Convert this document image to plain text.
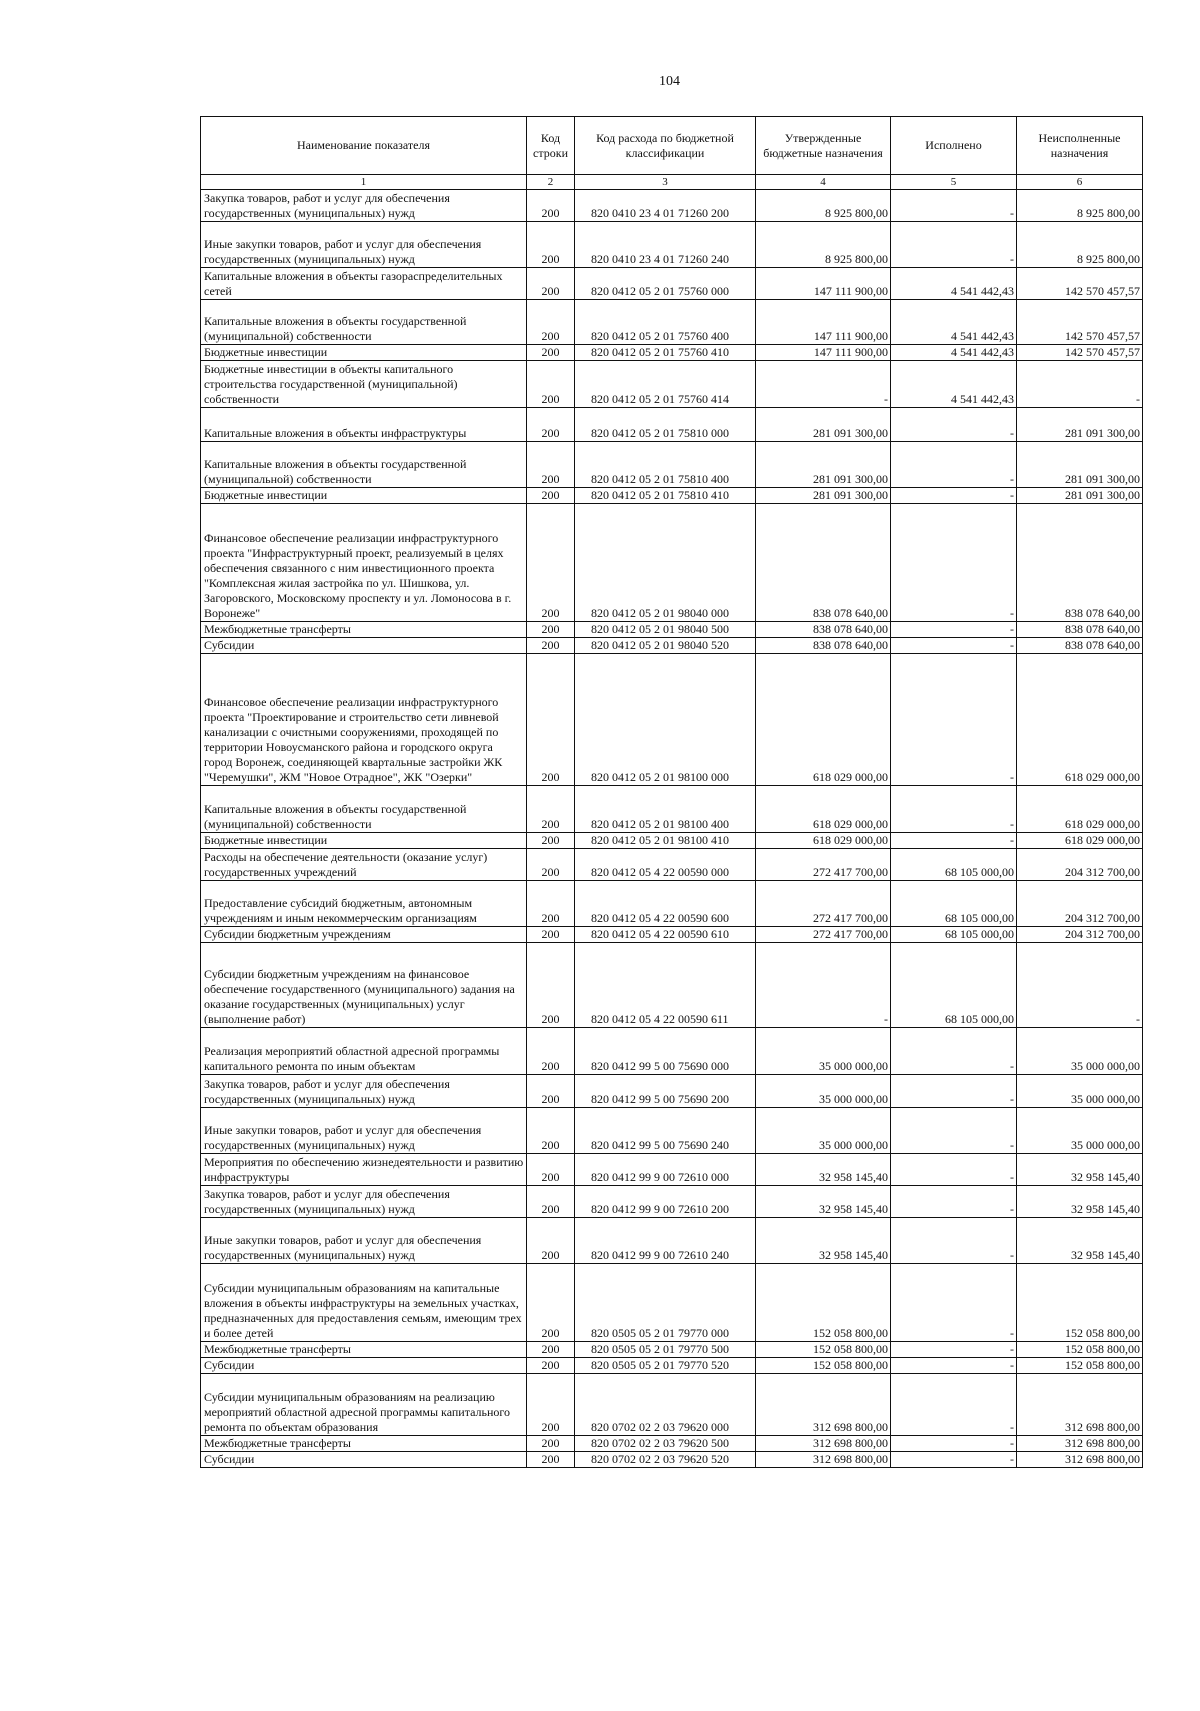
104
Наименование показателя	Код строки	Код расхода по бюджетной классификации	Утвержденные бюджетные назначения	Исполнено	Неисполненные назначения
1	2	3	4	5	6
Закупка товаров, работ и услуг для обеспечения государственных (муниципальных) нужд	200	820 0410 23 4 01 71260 200	8 925 800,00	-	8 925 800,00
Иные закупки товаров, работ и услуг для обеспечения государственных (муниципальных) нужд	200	820 0410 23 4 01 71260 240	8 925 800,00	-	8 925 800,00
Капитальные вложения в объекты газораспределительных сетей	200	820 0412 05 2 01 75760 000	147 111 900,00	4 541 442,43	142 570 457,57
Капитальные вложения в объекты государственной (муниципальной) собственности	200	820 0412 05 2 01 75760 400	147 111 900,00	4 541 442,43	142 570 457,57
Бюджетные инвестиции	200	820 0412 05 2 01 75760 410	147 111 900,00	4 541 442,43	142 570 457,57
Бюджетные инвестиции в объекты капитального строительства государственной (муниципальной) собственности	200	820 0412 05 2 01 75760 414	-	4 541 442,43	-
Капитальные вложения в объекты инфраструктуры	200	820 0412 05 2 01 75810 000	281 091 300,00	-	281 091 300,00
Капитальные вложения в объекты государственной (муниципальной) собственности	200	820 0412 05 2 01 75810 400	281 091 300,00	-	281 091 300,00
Бюджетные инвестиции	200	820 0412 05 2 01 75810 410	281 091 300,00	-	281 091 300,00
Финансовое обеспечение реализации инфраструктурного проекта "Инфраструктурный проект, реализуемый в целях обеспечения связанного с ним инвестиционного проекта "Комплексная жилая застройка по ул. Шишкова, ул. Загоровского, Московскому проспекту и ул. Ломоносова в г. Воронеже"	200	820 0412 05 2 01 98040 000	838 078 640,00	-	838 078 640,00
Межбюджетные трансферты	200	820 0412 05 2 01 98040 500	838 078 640,00	-	838 078 640,00
Субсидии	200	820 0412 05 2 01 98040 520	838 078 640,00	-	838 078 640,00
Финансовое обеспечение реализации инфраструктурного проекта "Проектирование и строительство сети ливневой канализации с очистными сооружениями, проходящей по территории Новоусманского района и городского округа город Воронеж, соединяющей квартальные застройки ЖК "Черемушки", ЖМ "Новое Отрадное", ЖК "Озерки"	200	820 0412 05 2 01 98100 000	618 029 000,00	-	618 029 000,00
Капитальные вложения в объекты государственной (муниципальной) собственности	200	820 0412 05 2 01 98100 400	618 029 000,00	-	618 029 000,00
Бюджетные инвестиции	200	820 0412 05 2 01 98100 410	618 029 000,00	-	618 029 000,00
Расходы на обеспечение деятельности (оказание услуг) государственных учреждений	200	820 0412 05 4 22 00590 000	272 417 700,00	68 105 000,00	204 312 700,00
Предоставление субсидий бюджетным, автономным учреждениям и иным некоммерческим организациям	200	820 0412 05 4 22 00590 600	272 417 700,00	68 105 000,00	204 312 700,00
Субсидии бюджетным учреждениям	200	820 0412 05 4 22 00590 610	272 417 700,00	68 105 000,00	204 312 700,00
Субсидии бюджетным учреждениям на финансовое обеспечение государственного (муниципального) задания на оказание государственных (муниципальных) услуг (выполнение работ)	200	820 0412 05 4 22 00590 611	-	68 105 000,00	-
Реализация мероприятий областной адресной программы капитального ремонта по иным объектам	200	820 0412 99 5 00 75690 000	35 000 000,00	-	35 000 000,00
Закупка товаров, работ и услуг для обеспечения государственных (муниципальных) нужд	200	820 0412 99 5 00 75690 200	35 000 000,00	-	35 000 000,00
Иные закупки товаров, работ и услуг для обеспечения государственных (муниципальных) нужд	200	820 0412 99 5 00 75690 240	35 000 000,00	-	35 000 000,00
Мероприятия по обеспечению жизнедеятельности и развитию инфраструктуры	200	820 0412 99 9 00 72610 000	32 958 145,40	-	32 958 145,40
Закупка товаров, работ и услуг для обеспечения государственных (муниципальных) нужд	200	820 0412 99 9 00 72610 200	32 958 145,40	-	32 958 145,40
Иные закупки товаров, работ и услуг для обеспечения государственных (муниципальных) нужд	200	820 0412 99 9 00 72610 240	32 958 145,40	-	32 958 145,40
Субсидии муниципальным образованиям на капитальные вложения в объекты инфраструктуры на земельных участках, предназначенных для предоставления семьям, имеющим трех и более детей	200	820 0505 05 2 01 79770 000	152 058 800,00	-	152 058 800,00
Межбюджетные трансферты	200	820 0505 05 2 01 79770 500	152 058 800,00	-	152 058 800,00
Субсидии	200	820 0505 05 2 01 79770 520	152 058 800,00	-	152 058 800,00
Субсидии муниципальным образованиям на реализацию мероприятий областной адресной программы капитального ремонта по объектам образования	200	820 0702 02 2 03 79620 000	312 698 800,00	-	312 698 800,00
Межбюджетные трансферты	200	820 0702 02 2 03 79620 500	312 698 800,00	-	312 698 800,00
Субсидии	200	820 0702 02 2 03 79620 520	312 698 800,00	-	312 698 800,00
